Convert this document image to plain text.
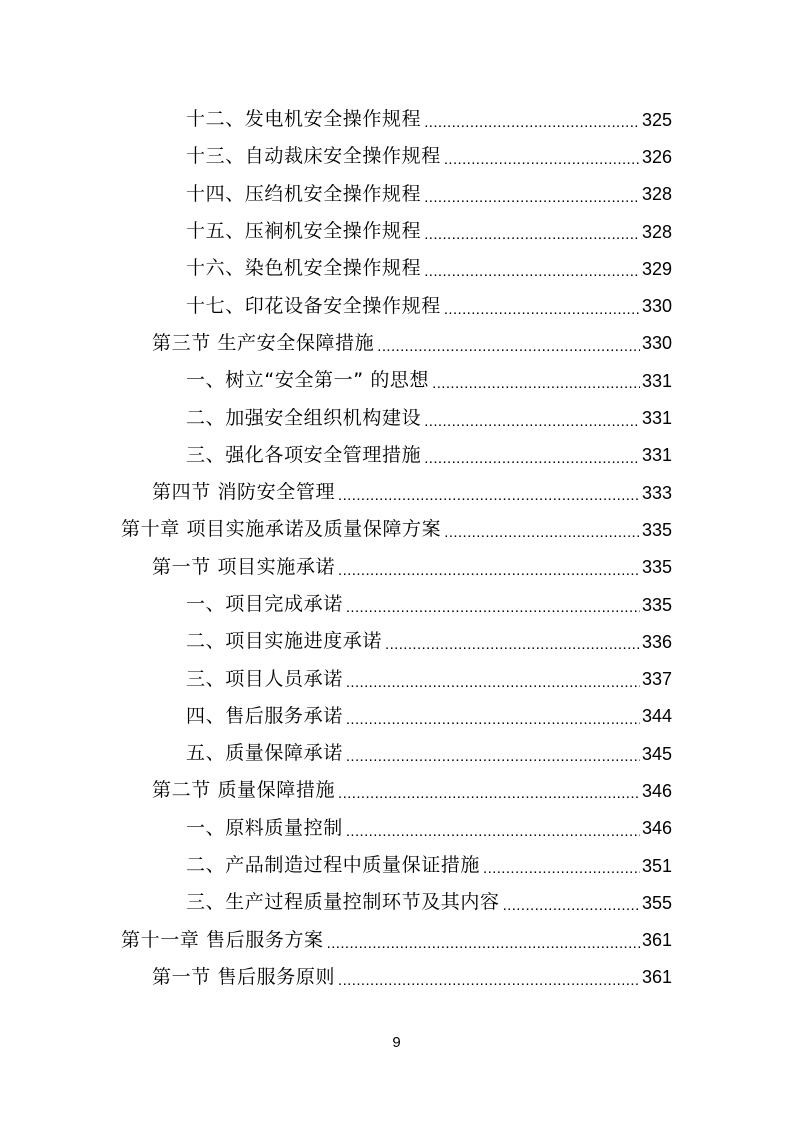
十二、发电机安全操作规程 .....	325
十三、自动裁床安全操作规程 .....	326
十四、压绉机安全操作规程 .....	328
十五、压裥机安全操作规程 .....	328
十六、染色机安全操作规程 .....	329
十七、印花设备安全操作规程 .....	330
第三节 生产安全保障措施 .....	330
一、树立“安全第一” 的思想 .....	331
二、加强安全组织机构建设 .....	331
三、强化各项安全管理措施 .....	331
第四节 消防安全管理 .....	333
第十章 项目实施承诺及质量保障方案 .....	335
第一节 项目实施承诺 .....	335
一、项目完成承诺 .....	335
二、项目实施进度承诺 .....	336
三、项目人员承诺 .....	337
四、售后服务承诺 .....	344
五、质量保障承诺 .....	345
第二节 质量保障措施 .....	346
一、原料质量控制 .....	346
二、产品制造过程中质量保证措施 .....	351
三、生产过程质量控制环节及其内容 .....	355
第十一章 售后服务方案 .....	361
第一节 售后服务原则 .....	361
9
